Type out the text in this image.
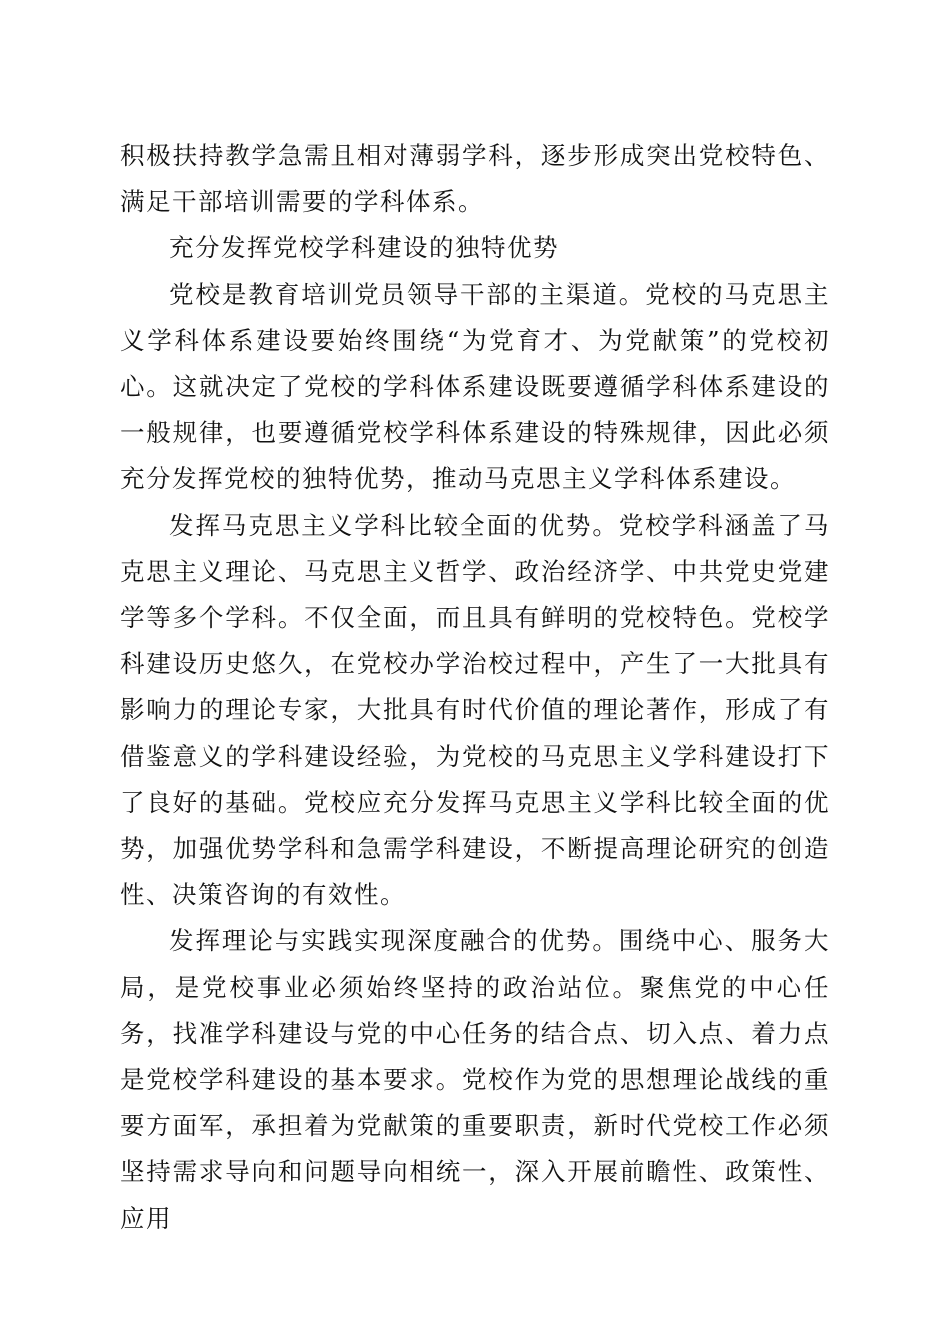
积极扶持教学急需且相对薄弱学科，逐步形成突出党校特色、满足干部培训需要的学科体系。

充分发挥党校学科建设的独特优势

党校是教育培训党员领导干部的主渠道。党校的马克思主义学科体系建设要始终围绕“为党育才、为党献策”的党校初心。这就决定了党校的学科体系建设既要遵循学科体系建设的一般规律，也要遵循党校学科体系建设的特殊规律，因此必须充分发挥党校的独特优势，推动马克思主义学科体系建设。

发挥马克思主义学科比较全面的优势。党校学科涵盖了马克思主义理论、马克思主义哲学、政治经济学、中共党史党建学等多个学科。不仅全面，而且具有鲜明的党校特色。党校学科建设历史悠久，在党校办学治校过程中，产生了一大批具有影响力的理论专家，大批具有时代价值的理论著作，形成了有借鉴意义的学科建设经验，为党校的马克思主义学科建设打下了良好的基础。党校应充分发挥马克思主义学科比较全面的优势，加强优势学科和急需学科建设，不断提高理论研究的创造性、决策咨询的有效性。

发挥理论与实践实现深度融合的优势。围绕中心、服务大局，是党校事业必须始终坚持的政治站位。聚焦党的中心任务，找准学科建设与党的中心任务的结合点、切入点、着力点是党校学科建设的基本要求。党校作为党的思想理论战线的重要方面军，承担着为党献策的重要职责，新时代党校工作必须坚持需求导向和问题导向相统一，深入开展前瞻性、政策性、应用
